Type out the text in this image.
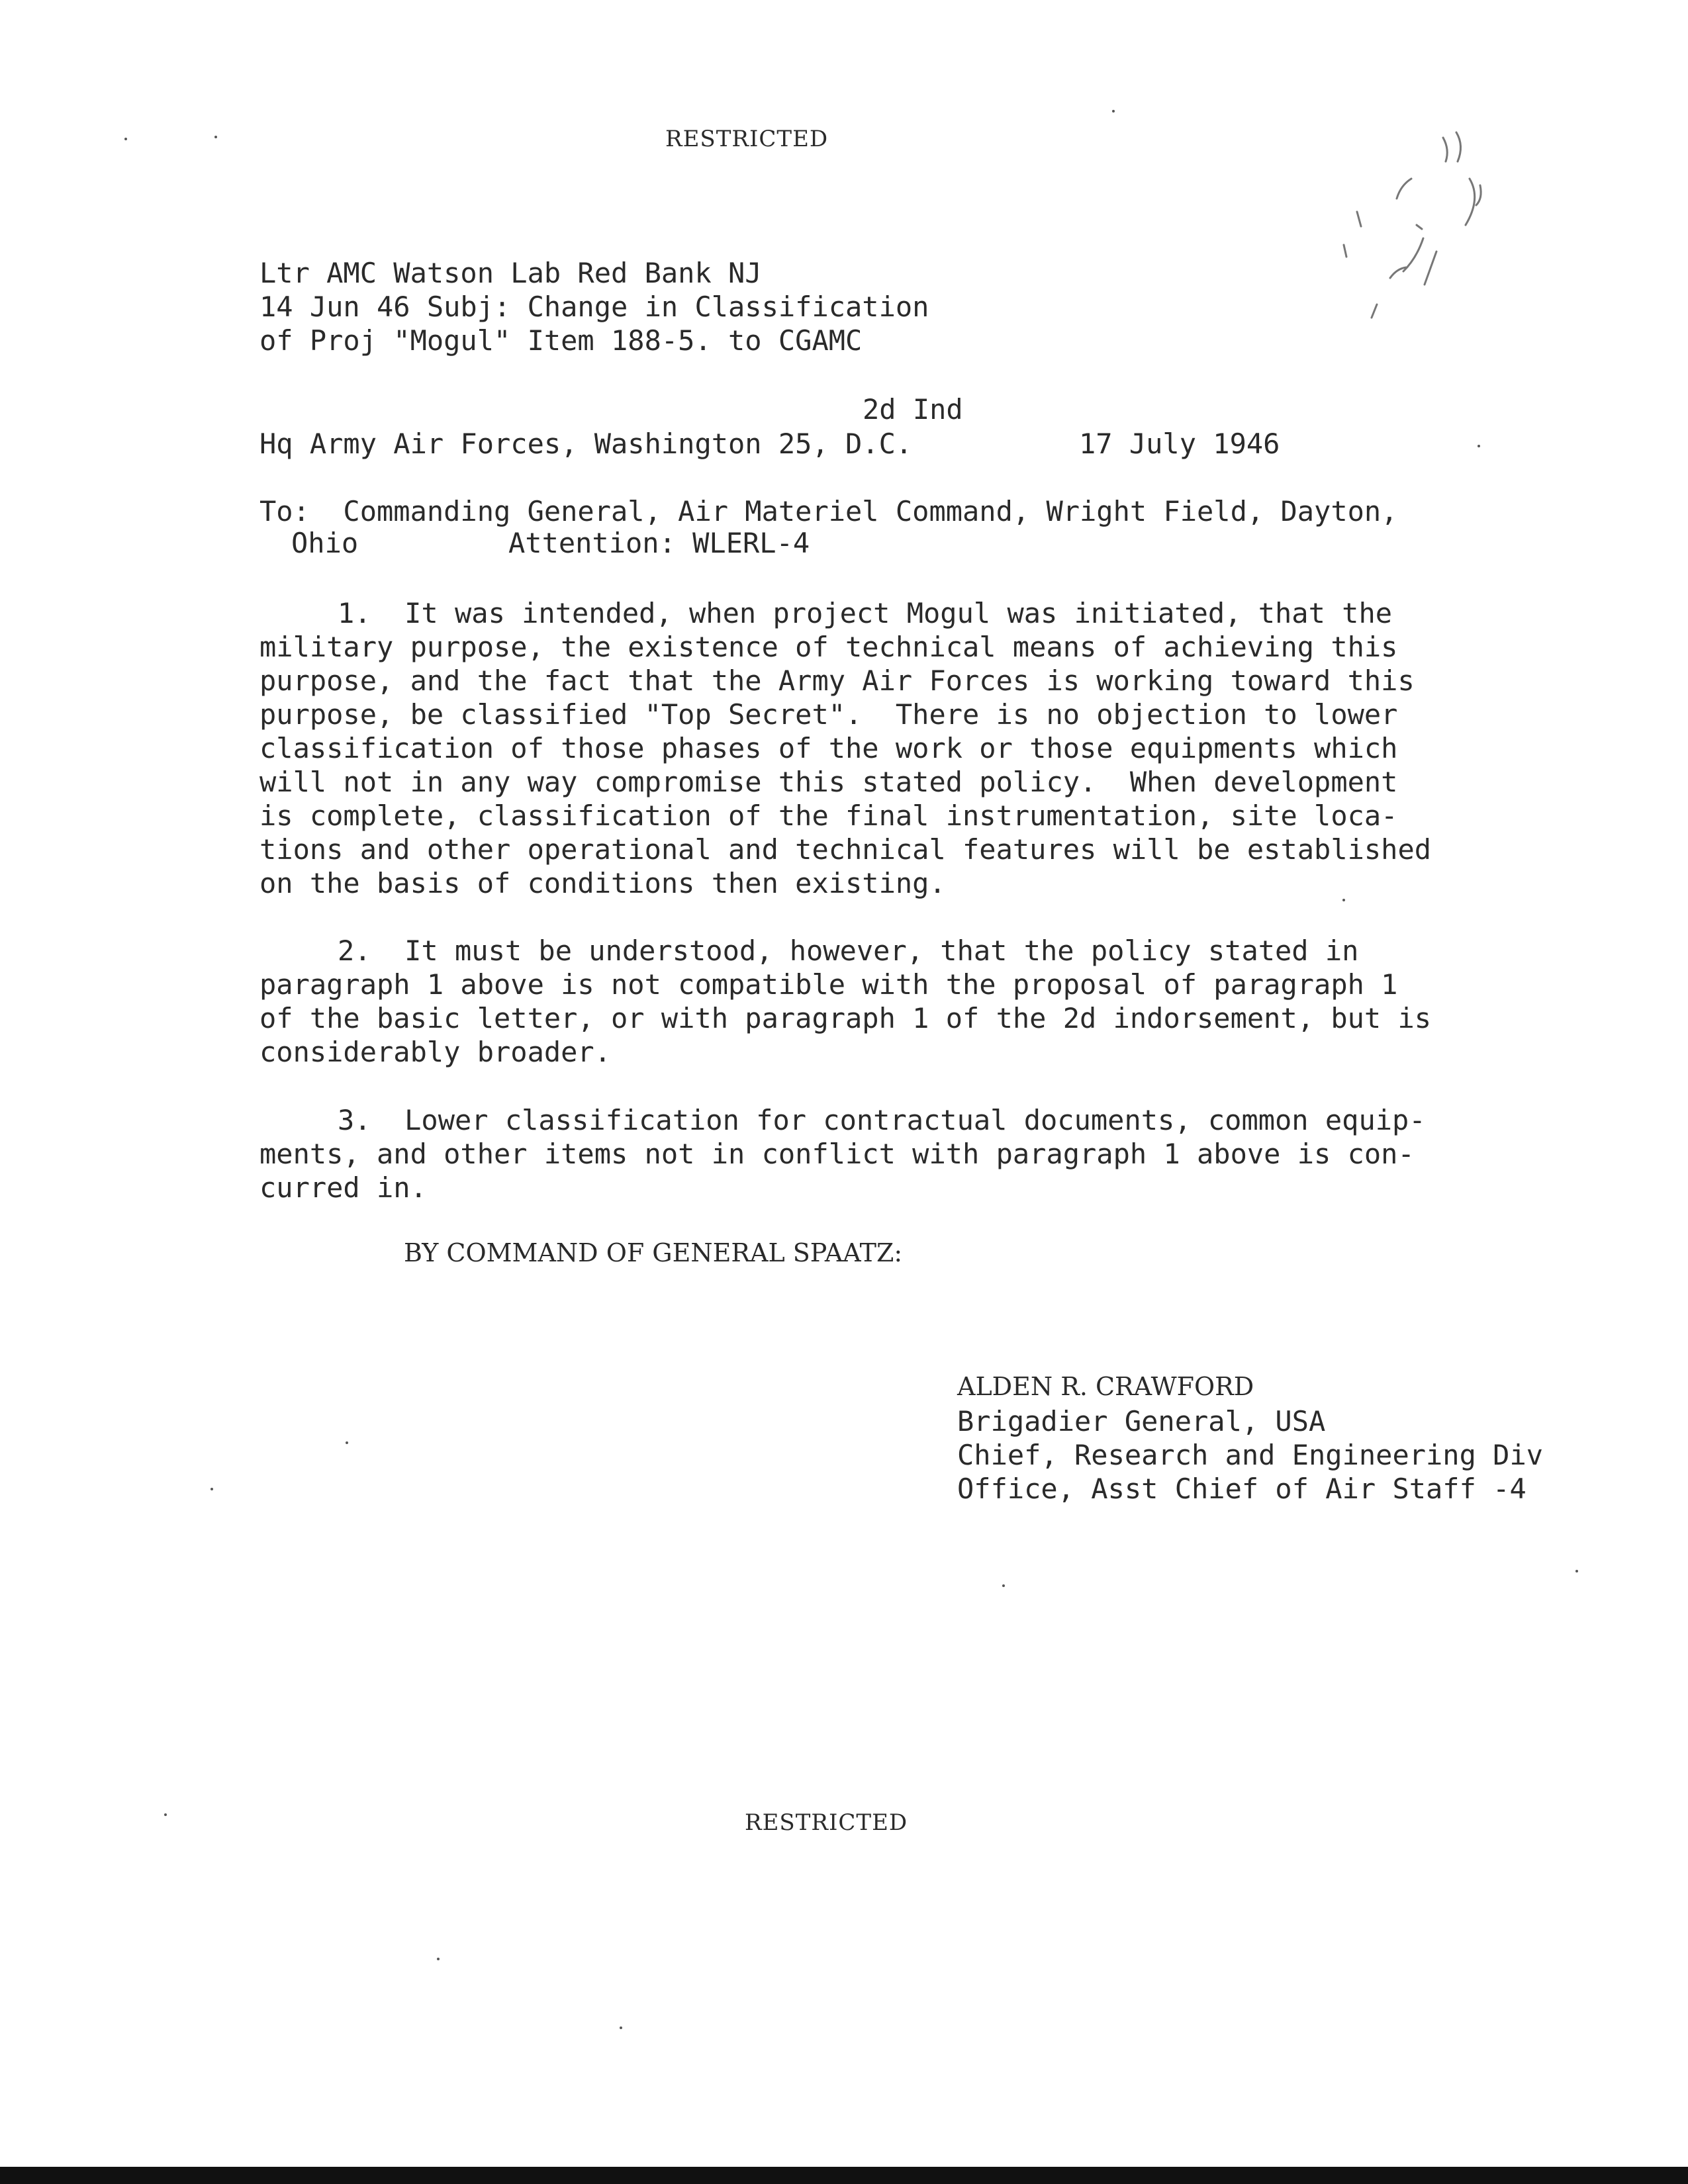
RESTRICTED
Ltr AMC Watson Lab Red Bank NJ
14 Jun 46 Subj: Change in Classification
of Proj "Mogul" Item 188-5. to CGAMC
2d Ind
Hq Army Air Forces, Washington 25, D.C.	17 July 1946
To:  Commanding General, Air Materiel Command, Wright Field, Dayton,
Ohio	Attention: WLERL-4
1.  It was intended, when project Mogul was initiated, that the
military purpose, the existence of technical means of achieving this
purpose, and the fact that the Army Air Forces is working toward this
purpose, be classified "Top Secret".  There is no objection to lower
classification of those phases of the work or those equipments which
will not in any way compromise this stated policy.  When development
is complete, classification of the final instrumentation, site loca-
tions and other operational and technical features will be established
on the basis of conditions then existing.
2.  It must be understood, however, that the policy stated in
paragraph 1 above is not compatible with the proposal of paragraph 1
of the basic letter, or with paragraph 1 of the 2d indorsement, but is
considerably broader.
3.  Lower classification for contractual documents, common equip-
ments, and other items not in conflict with paragraph 1 above is con-
curred in.
BY COMMAND OF GENERAL SPAATZ:
ALDEN R. CRAWFORD
Brigadier General, USA
Chief, Research and Engineering Div
Office, Asst Chief of Air Staff -4
RESTRICTED
